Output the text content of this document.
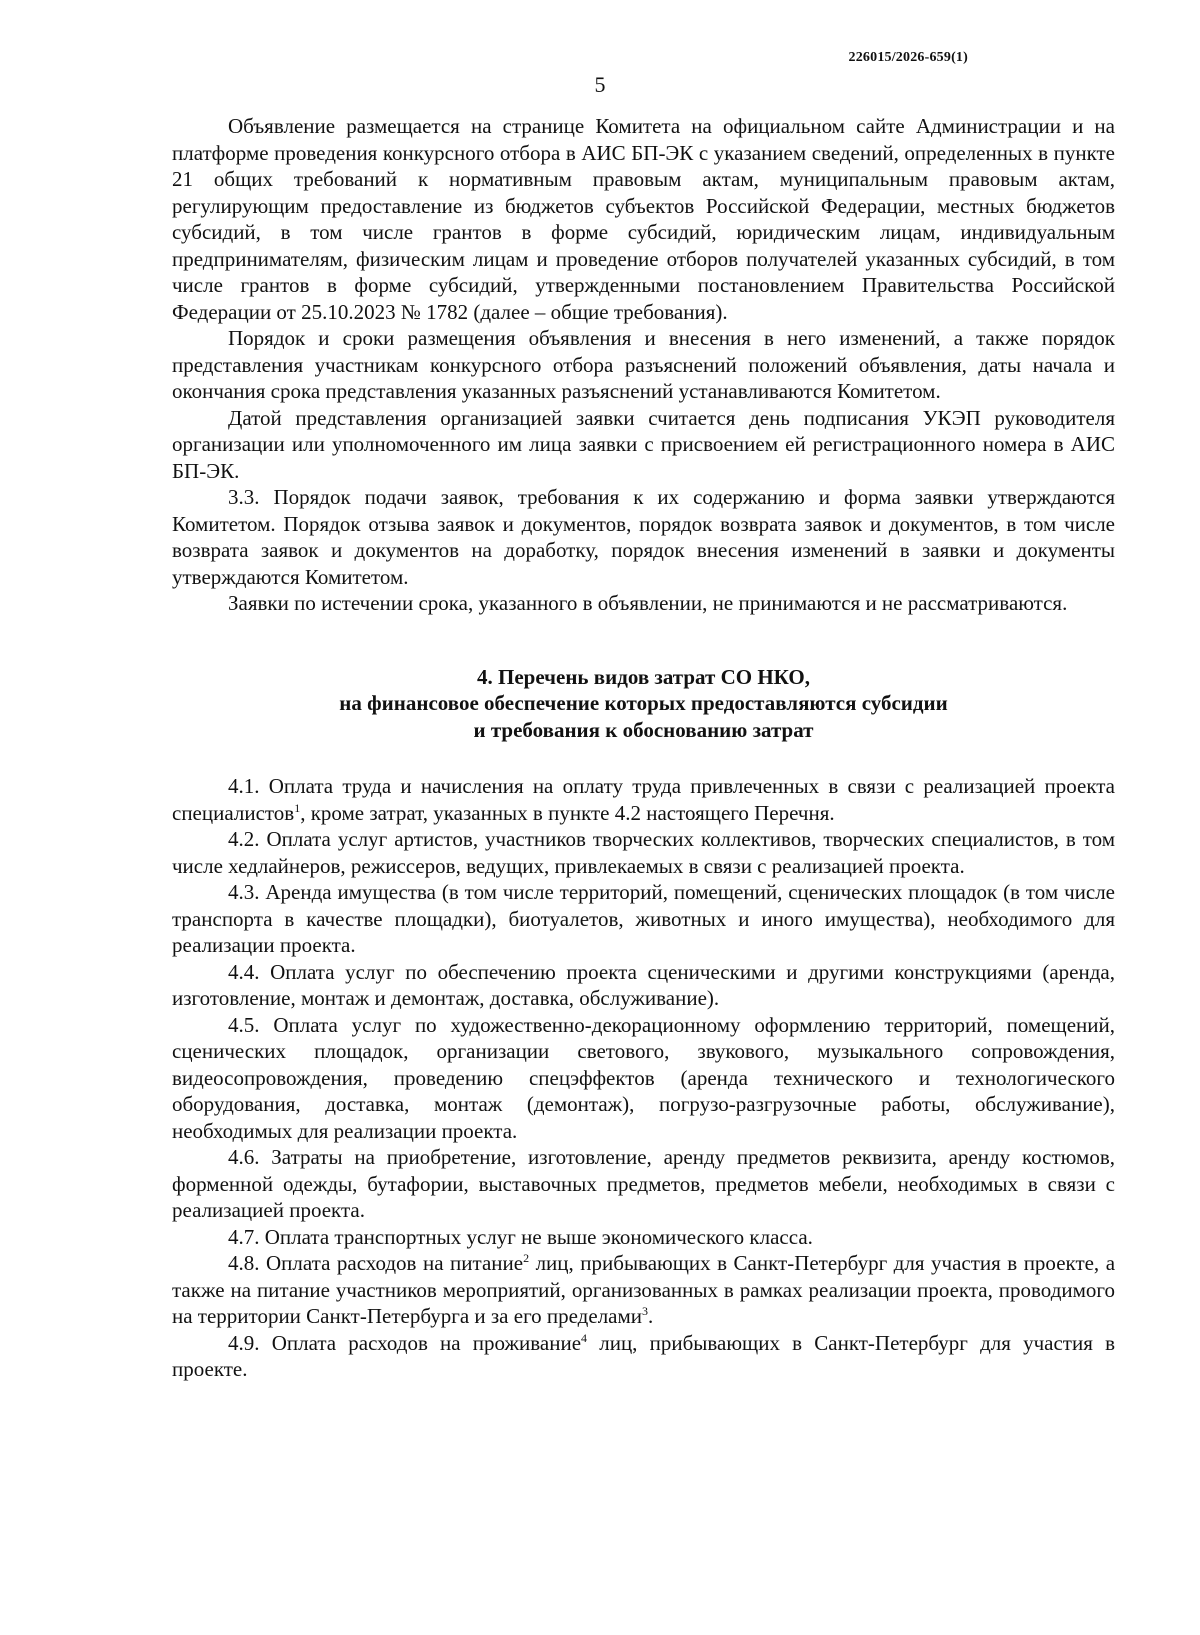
226015/2026-659(1)
5

Объявление размещается на странице Комитета на официальном сайте Администрации и на платформе проведения конкурсного отбора в АИС БП-ЭК с указанием сведений, определенных в пункте 21 общих требований к нормативным правовым актам, муниципальным правовым актам, регулирующим предоставление из бюджетов субъектов Российской Федерации, местных бюджетов субсидий, в том числе грантов в форме субсидий, юридическим лицам, индивидуальным предпринимателям, физическим лицам и проведение отборов получателей указанных субсидий, в том числе грантов в форме субсидий, утвержденными постановлением Правительства Российской Федерации от 25.10.2023 № 1782 (далее – общие требования).

Порядок и сроки размещения объявления и внесения в него изменений, а также порядок представления участникам конкурсного отбора разъяснений положений объявления, даты начала и окончания срока представления указанных разъяснений устанавливаются Комитетом.

Датой представления организацией заявки считается день подписания УКЭП руководителя организации или уполномоченного им лица заявки с присвоением ей регистрационного номера в АИС БП-ЭК.

3.3. Порядок подачи заявок, требования к их содержанию и форма заявки утверждаются Комитетом. Порядок отзыва заявок и документов, порядок возврата заявок и документов, в том числе возврата заявок и документов на доработку, порядок внесения изменений в заявки и документы утверждаются Комитетом.

Заявки по истечении срока, указанного в объявлении, не принимаются и не рассматриваются.

4. Перечень видов затрат СО НКО,
на финансовое обеспечение которых предоставляются субсидии
и требования к обоснованию затрат

4.1. Оплата труда и начисления на оплату труда привлеченных в связи с реализацией проекта специалистов$^1$, кроме затрат, указанных в пункте 4.2 настоящего Перечня.

4.2. Оплата услуг артистов, участников творческих коллективов, творческих специалистов, в том числе хедлайнеров, режиссеров, ведущих, привлекаемых в связи с реализацией проекта.

4.3. Аренда имущества (в том числе территорий, помещений, сценических площадок (в том числе транспорта в качестве площадки), биотуалетов, животных и иного имущества), необходимого для реализации проекта.

4.4. Оплата услуг по обеспечению проекта сценическими и другими конструкциями (аренда, изготовление, монтаж и демонтаж, доставка, обслуживание).

4.5. Оплата услуг по художественно-декорационному оформлению территорий, помещений, сценических площадок, организации светового, звукового, музыкального сопровождения, видеосопровождения, проведению спецэффектов (аренда технического и технологического оборудования, доставка, монтаж (демонтаж), погрузо-разгрузочные работы, обслуживание), необходимых для реализации проекта.

4.6. Затраты на приобретение, изготовление, аренду предметов реквизита, аренду костюмов, форменной одежды, бутафории, выставочных предметов, предметов мебели, необходимых в связи с реализацией проекта.

4.7. Оплата транспортных услуг не выше экономического класса.

4.8. Оплата расходов на питание$^2$ лиц, прибывающих в Санкт-Петербург для участия в проекте, а также на питание участников мероприятий, организованных в рамках реализации проекта, проводимого на территории Санкт-Петербурга и за его пределами$^3$.

4.9. Оплата расходов на проживание$^4$ лиц, прибывающих в Санкт-Петербург для участия в проекте.
